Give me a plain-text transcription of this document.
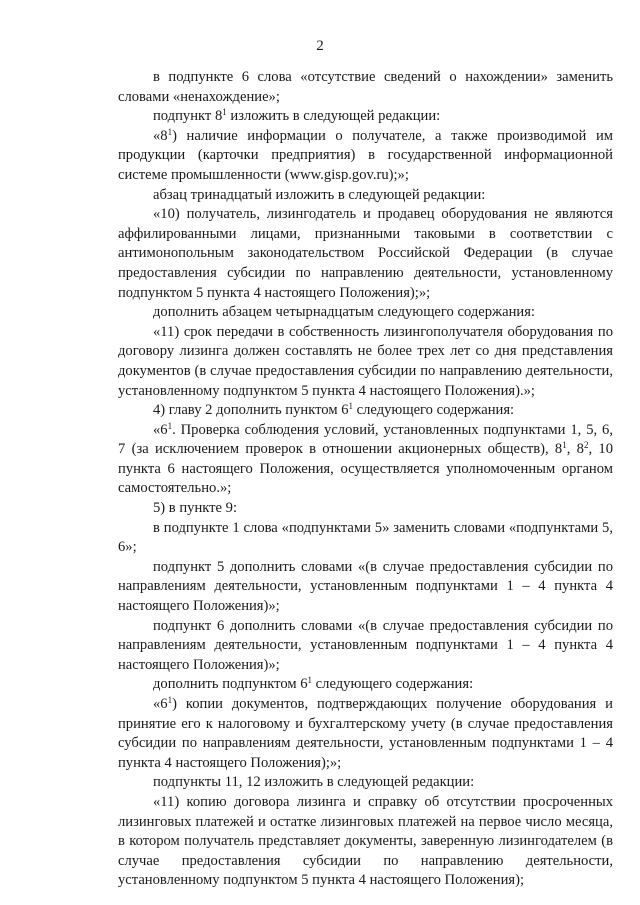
2

в подпункте 6 слова «отсутствие сведений о нахождении» заменить словами «ненахождение»;

подпункт $8^1$ изложить в следующей редакции:

«$8^1$) наличие информации о получателе, а также производимой им продукции (карточки предприятия) в государственной информационной системе промышленности (www.gisp.gov.ru);»;

абзац тринадцатый изложить в следующей редакции:

«10) получатель, лизингодатель и продавец оборудования не являются аффилированными лицами, признанными таковыми в соответствии с антимонопольным законодательством Российской Федерации (в случае предоставления субсидии по направлению деятельности, установленному подпунктом 5 пункта 4 настоящего Положения);»;

дополнить абзацем четырнадцатым следующего содержания:

«11) срок передачи в собственность лизингополучателя оборудования по договору лизинга должен составлять не более трех лет со дня представления документов (в случае предоставления субсидии по направлению деятельности, установленному подпунктом 5 пункта 4 настоящего Положения).»;

4) главу 2 дополнить пунктом $6^1$ следующего содержания:

«$6^1$. Проверка соблюдения условий, установленных подпунктами 1, 5, 6, 7 (за исключением проверок в отношении акционерных обществ), $8^1$, $8^2$, 10 пункта 6 настоящего Положения, осуществляется уполномоченным органом самостоятельно.»;

5) в пункте 9:

в подпункте 1 слова «подпунктами 5» заменить словами «подпунктами 5, 6»;

подпункт 5 дополнить словами «(в случае предоставления субсидии по направлениям деятельности, установленным подпунктами 1 – 4 пункта 4 настоящего Положения)»;

подпункт 6 дополнить словами «(в случае предоставления субсидии по направлениям деятельности, установленным подпунктами 1 – 4 пункта 4 настоящего Положения)»;

дополнить подпунктом $6^1$ следующего содержания:

«$6^1$) копии документов, подтверждающих получение оборудования и принятие его к налоговому и бухгалтерскому учету (в случае предоставления субсидии по направлениям деятельности, установленным подпунктами 1 – 4 пункта 4 настоящего Положения);»;

подпункты 11, 12 изложить в следующей редакции:

«11) копию договора лизинга и справку об отсутствии просроченных лизинговых платежей и остатке лизинговых платежей на первое число месяца, в котором получатель представляет документы, заверенную лизингодателем (в случае предоставления субсидии по направлению деятельности, установленному подпунктом 5 пункта 4 настоящего Положения);
